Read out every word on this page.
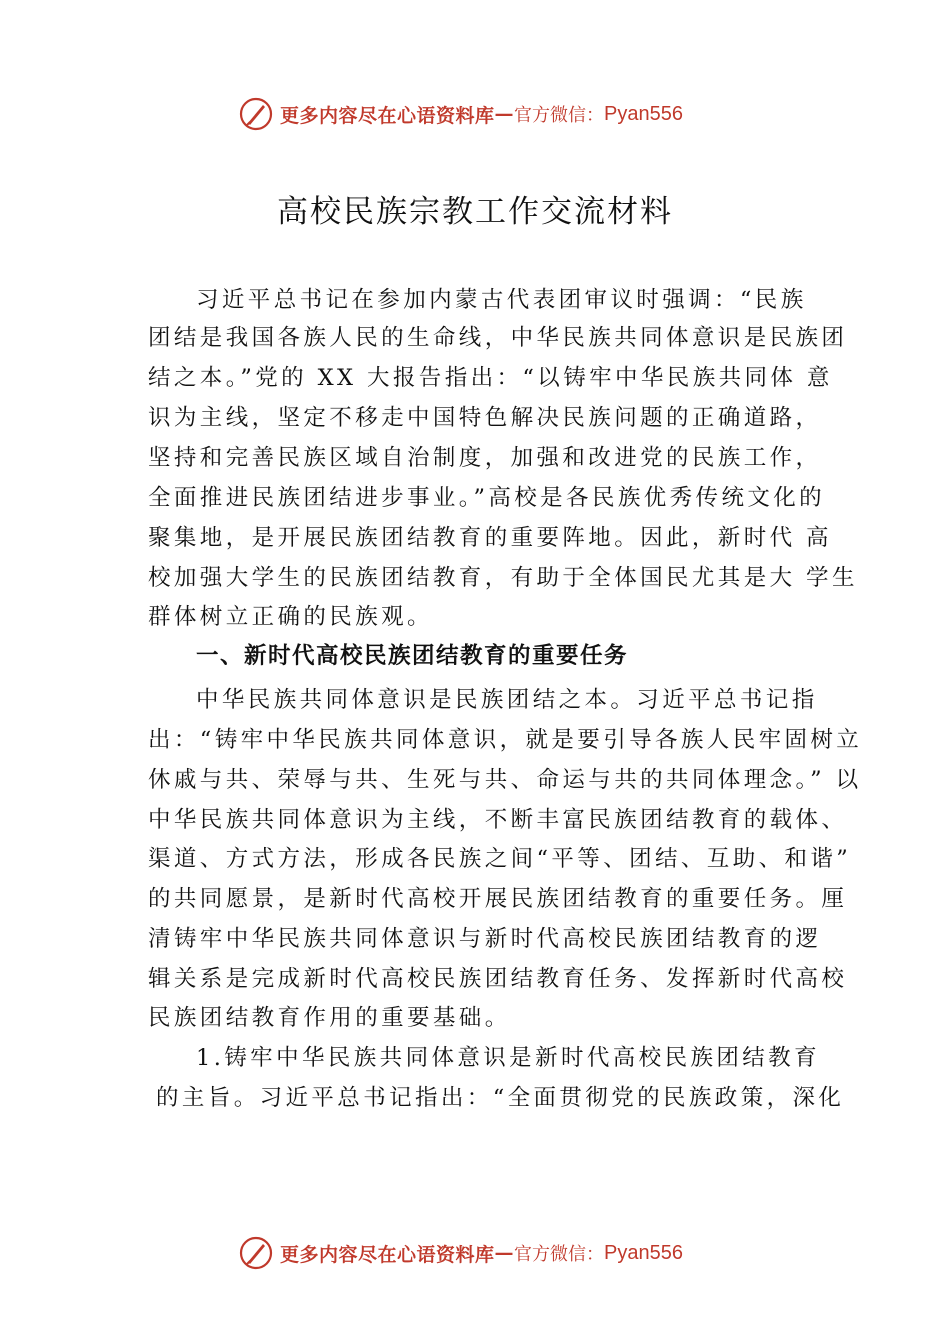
更多内容尽在心语资料库 — 官方微信： Pyan556
高校民族宗教工作交流材料
习近平总书记在参加内蒙古代表团审议时强调：“民族
团结是我国各族人民的生命线，中华民族共同体意识是民族团
结之本。”党的 XX 大报告指出：“以铸牢中华民族共同体 意
识为主线，坚定不移走中国特色解决民族问题的正确道路，
坚持和完善民族区域自治制度，加强和改进党的民族工作，
全面推进民族团结进步事业。”高校是各民族优秀传统文化的
聚集地，是开展民族团结教育的重要阵地。因此，新时代 高
校加强大学生的民族团结教育，有助于全体国民尤其是大 学生
群体树立正确的民族观。
一、新时代高校民族团结教育的重要任务
中华民族共同体意识是民族团结之本。习近平总书记指
出：“铸牢中华民族共同体意识，就是要引导各族人民牢固树立
休戚与共、荣辱与共、生死与共、命运与共的共同体理念。” 以
中华民族共同体意识为主线，不断丰富民族团结教育的载体、
渠道、方式方法，形成各民族之间“平等、团结、互助、和谐”
的共同愿景，是新时代高校开展民族团结教育的重要任务。厘
清铸牢中华民族共同体意识与新时代高校民族团结教育的逻
辑关系是完成新时代高校民族团结教育任务、发挥新时代高校
民族团结教育作用的重要基础。
1.铸牢中华民族共同体意识是新时代高校民族团结教育
的主旨。习近平总书记指出：“全面贯彻党的民族政策，深化
更多内容尽在心语资料库 — 官方微信： Pyan556
